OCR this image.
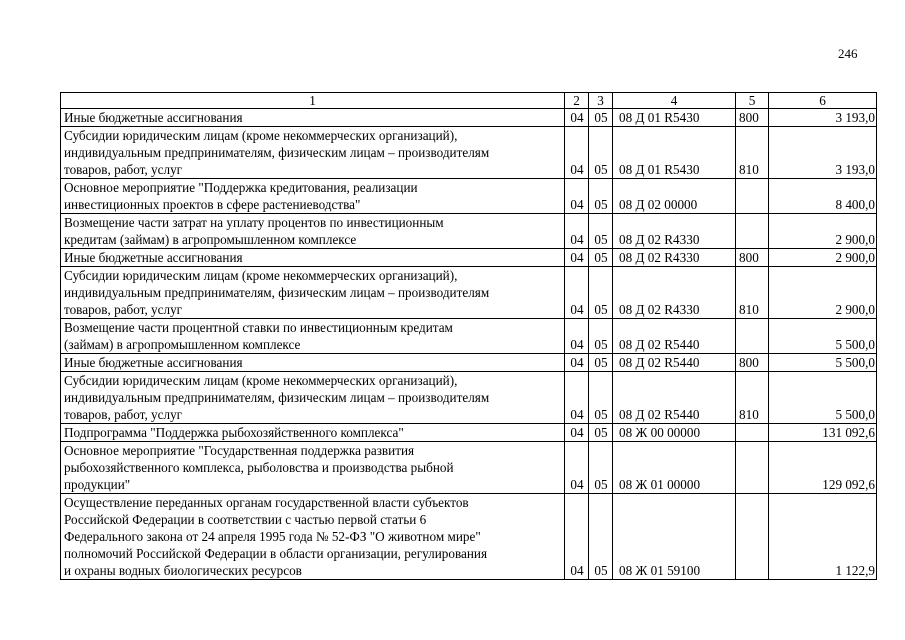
246
1	2	3	4	5	6

Иные бюджетные ассигнования	04	05	08 Д 01 R5430	800	3 193,0

Субсидии юридическим лицам (кроме некоммерческих организаций),
индивидуальным предпринимателям, физическим лицам – производителям
товаров, работ, услуг	04	05	08 Д 01 R5430	810	3 193,0

Основное мероприятие "Поддержка кредитования, реализации
инвестиционных проектов в сфере растениеводства"	04	05	08 Д 02 00000		8 400,0

Возмещение части затрат на уплату процентов по инвестиционным
кредитам (займам) в агропромышленном комплексе	04	05	08 Д 02 R4330		2 900,0

Иные бюджетные ассигнования	04	05	08 Д 02 R4330	800	2 900,0

Субсидии юридическим лицам (кроме некоммерческих организаций),
индивидуальным предпринимателям, физическим лицам – производителям
товаров, работ, услуг	04	05	08 Д 02 R4330	810	2 900,0

Возмещение части процентной ставки по инвестиционным кредитам
(займам) в агропромышленном комплексе	04	05	08 Д 02 R5440		5 500,0

Иные бюджетные ассигнования	04	05	08 Д 02 R5440	800	5 500,0

Субсидии юридическим лицам (кроме некоммерческих организаций),
индивидуальным предпринимателям, физическим лицам – производителям
товаров, работ, услуг	04	05	08 Д 02 R5440	810	5 500,0

Подпрограмма "Поддержка рыбохозяйственного комплекса"	04	05	08 Ж 00 00000		131 092,6

Основное мероприятие "Государственная поддержка развития
рыбохозяйственного комплекса, рыболовства и производства рыбной
продукции"	04	05	08 Ж 01 00000		129 092,6

Осуществление переданных органам государственной власти субъектов
Российской Федерации в соответствии с частью первой статьи 6
Федерального закона от 24 апреля 1995 года № 52-ФЗ "О животном мире"
полномочий Российской Федерации в области организации, регулирования
и охраны водных биологических ресурсов	04	05	08 Ж 01 59100		1 122,9
